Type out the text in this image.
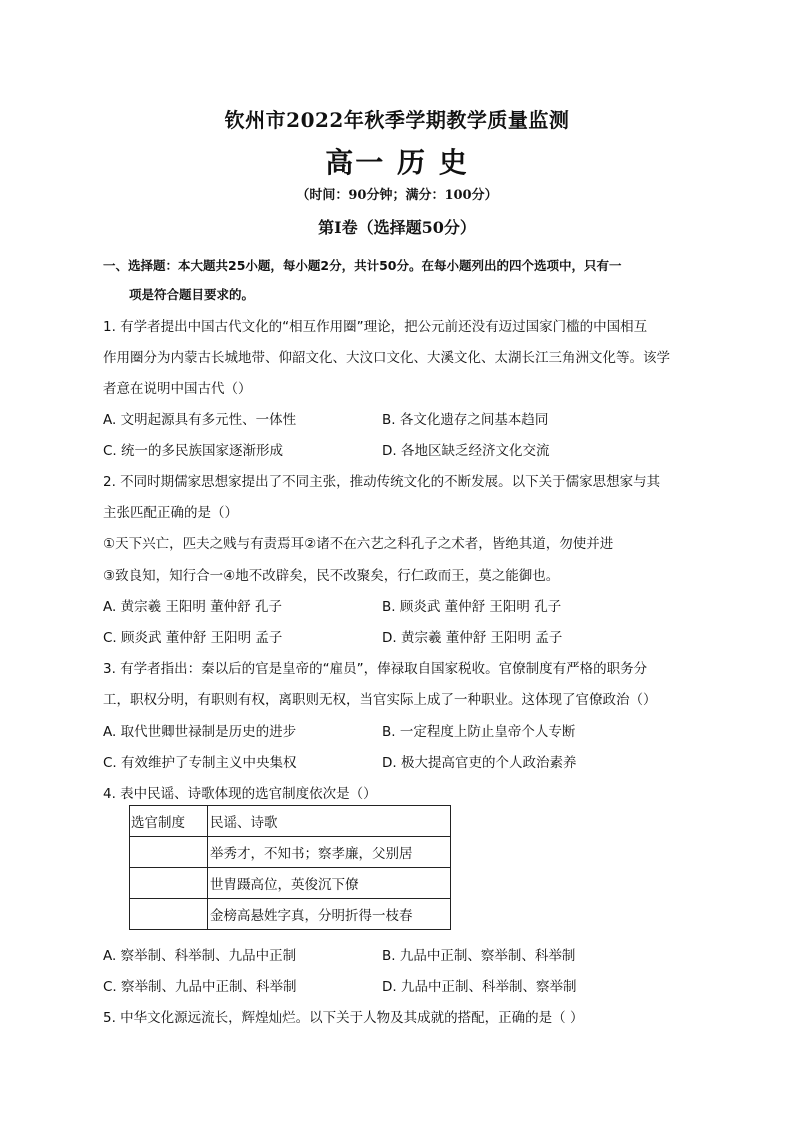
钦州市2022年秋季学期教学质量监测
高一 历 史
（时间：90分钟；满分：100分）
第Ⅰ卷（选择题50分）
一、选择题：本大题共25小题，每小题2分，共计50分。在每小题列出的四个选项中，只有一
项是符合题目要求的。
1. 有学者提出中国古代文化的“相互作用圈”理论，把公元前还没有迈过国家门槛的中国相互
作用圈分为内蒙古长城地带、仰韶文化、大汶口文化、大溪文化、太湖长江三角洲文化等。该学
者意在说明中国古代（）
A. 文明起源具有多元性、一体性	B. 各文化遗存之间基本趋同
C. 统一的多民族国家逐渐形成	D. 各地区缺乏经济文化交流
2. 不同时期儒家思想家提出了不同主张，推动传统文化的不断发展。以下关于儒家思想家与其
主张匹配正确的是（）
①天下兴亡，匹夫之贱与有责焉耳②诸不在六艺之科孔子之术者，皆绝其道，勿使并进
③致良知，知行合一④地不改辟矣，民不改聚矣，行仁政而王，莫之能御也。
A. 黄宗羲 王阳明 董仲舒 孔子	B. 顾炎武 董仲舒 王阳明 孔子
C. 顾炎武 董仲舒 王阳明 孟子	D. 黄宗羲 董仲舒 王阳明 孟子
3. 有学者指出：秦以后的官是皇帝的“雇员”，俸禄取自国家税收。官僚制度有严格的职务分
工，职权分明，有职则有权，离职则无权，当官实际上成了一种职业。这体现了官僚政治（）
A. 取代世卿世禄制是历史的进步	B. 一定程度上防止皇帝个人专断
C. 有效维护了专制主义中央集权	D. 极大提高官吏的个人政治素养
4. 表中民谣、诗歌体现的选官制度依次是（）
选官制度	民谣、诗歌
	举秀才，不知书；察孝廉，父别居
	世胄蹑高位，英俊沉下僚
	金榜高悬姓字真，分明折得一枝春
A. 察举制、科举制、九品中正制	B. 九品中正制、察举制、科举制
C. 察举制、九品中正制、科举制	D. 九品中正制、科举制、察举制
5. 中华文化源远流长，辉煌灿烂。以下关于人物及其成就的搭配，正确的是（ ）
